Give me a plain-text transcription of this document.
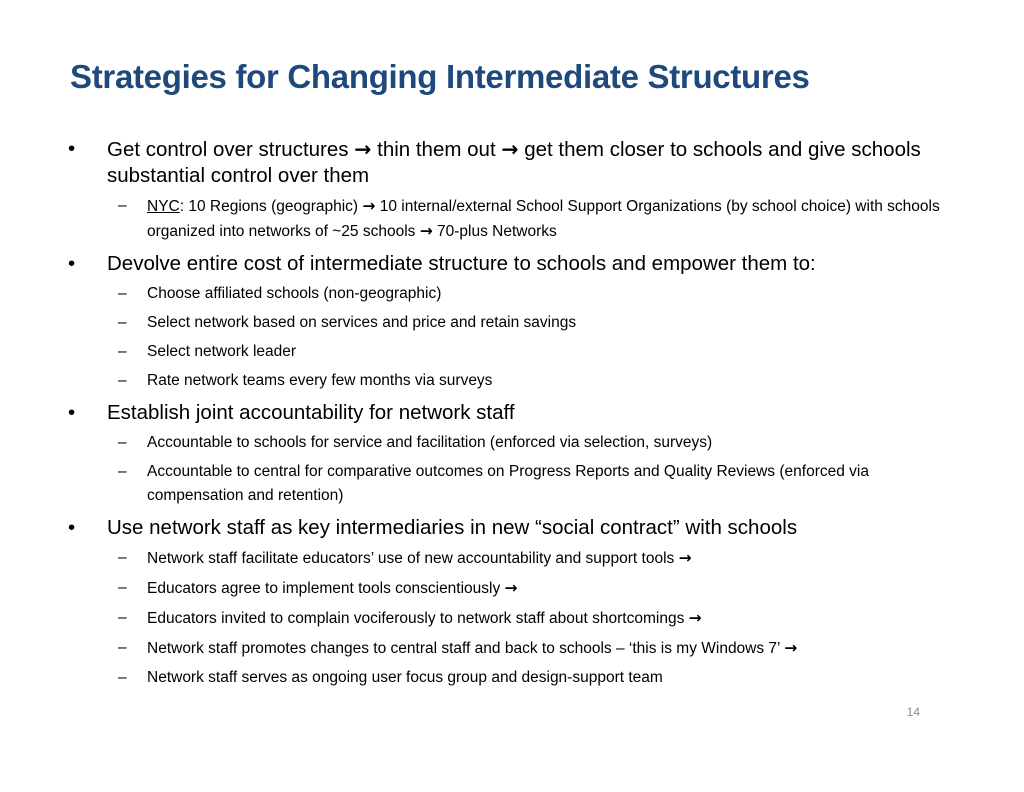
Strategies for Changing Intermediate Structures
•	Get control over structures → thin them out → get them closer to schools and give schools substantial control over them
– NYC: 10 Regions (geographic) → 10 internal/external School Support Organizations (by school choice) with schools organized into networks of ~25 schools → 70-plus Networks
•	Devolve entire cost of intermediate structure to schools and empower them to:
– Choose affiliated schools (non-geographic)
– Select network based on services and price and retain savings
– Select network leader
– Rate network teams every few months via surveys
•	Establish joint accountability for network staff
– Accountable to schools for service and facilitation (enforced via selection, surveys)
– Accountable to central for comparative outcomes on Progress Reports and Quality Reviews (enforced via compensation and retention)
•	Use network staff as key intermediaries in new “social contract” with schools
– Network staff facilitate educators’ use of new accountability and support tools →
– Educators agree to implement tools conscientiously →
– Educators invited to complain vociferously to network staff about shortcomings →
– Network staff promotes changes to central staff and back to schools – ‘this is my Windows 7’ →
– Network staff serves as ongoing user focus group and design-support team
14
